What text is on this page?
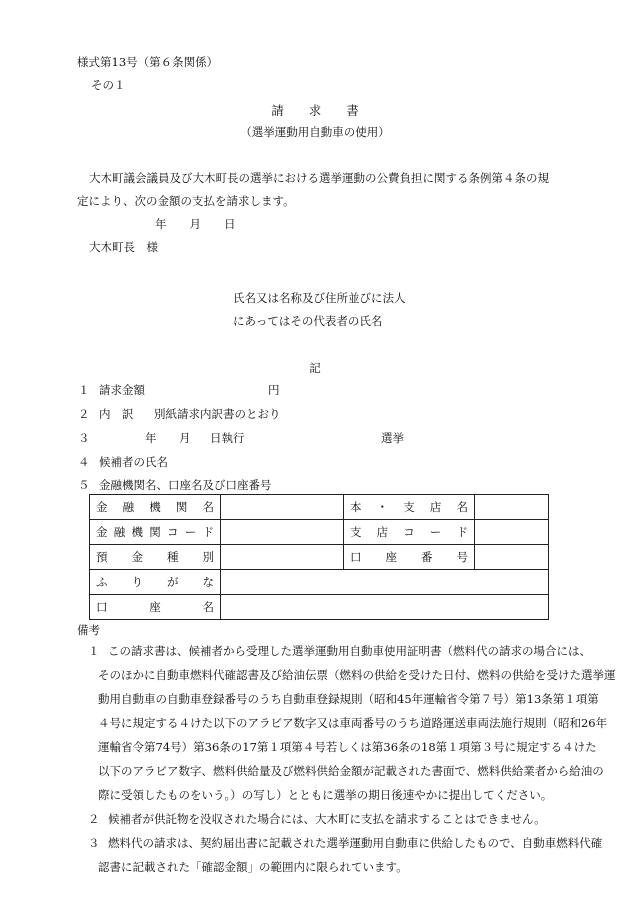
様式第13号（第６条関係）
その１
請　　求　　書
（選挙運動用自動車の使用）
大木町議会議員及び大木町長の選挙における選挙運動の公費負担に関する条例第４条の規
定により、次の金額の支払を請求します。
年　　月　　日
大木町長　様
氏名又は名称及び住所並びに法人
にあってはその代表者の氏名
記
１ 請求金額	円
２ 内　訳 別紙請求内訳書のとおり
３	年 月 日執行	選挙
４ 候補者の氏名
５ 金融機関名、口座名及び口座番号
金融機関名		本・支店名	
金融機関コード		支店コード	
預金種別		口座番号	
ふりがな			
口座名			
備考
１ この請求書は、候補者から受理した選挙運動用自動車使用証明書（燃料代の請求の場合には、
そのほかに自動車燃料代確認書及び給油伝票（燃料の供給を受けた日付、燃料の供給を受けた選挙運
動用自動車の自動車登録番号のうち自動車登録規則（昭和45年運輸省令第７号）第13条第１項第
４号に規定する４けた以下のアラビア数字又は車両番号のうち道路運送車両法施行規則（昭和26年
運輸省令第74号）第36条の17第１項第４号若しくは第36条の18第１項第３号に規定する４けた
以下のアラビア数字、燃料供給量及び燃料供給金額が記載された書面で、燃料供給業者から給油の
際に受領したものをいう。）の写し）とともに選挙の期日後速やかに提出してください。
２ 候補者が供託物を没収された場合には、大木町に支払を請求することはできません。
３ 燃料代の請求は、契約届出書に記載された選挙運動用自動車に供給したもので、自動車燃料代確
認書に記載された「確認金額」の範囲内に限られています。
